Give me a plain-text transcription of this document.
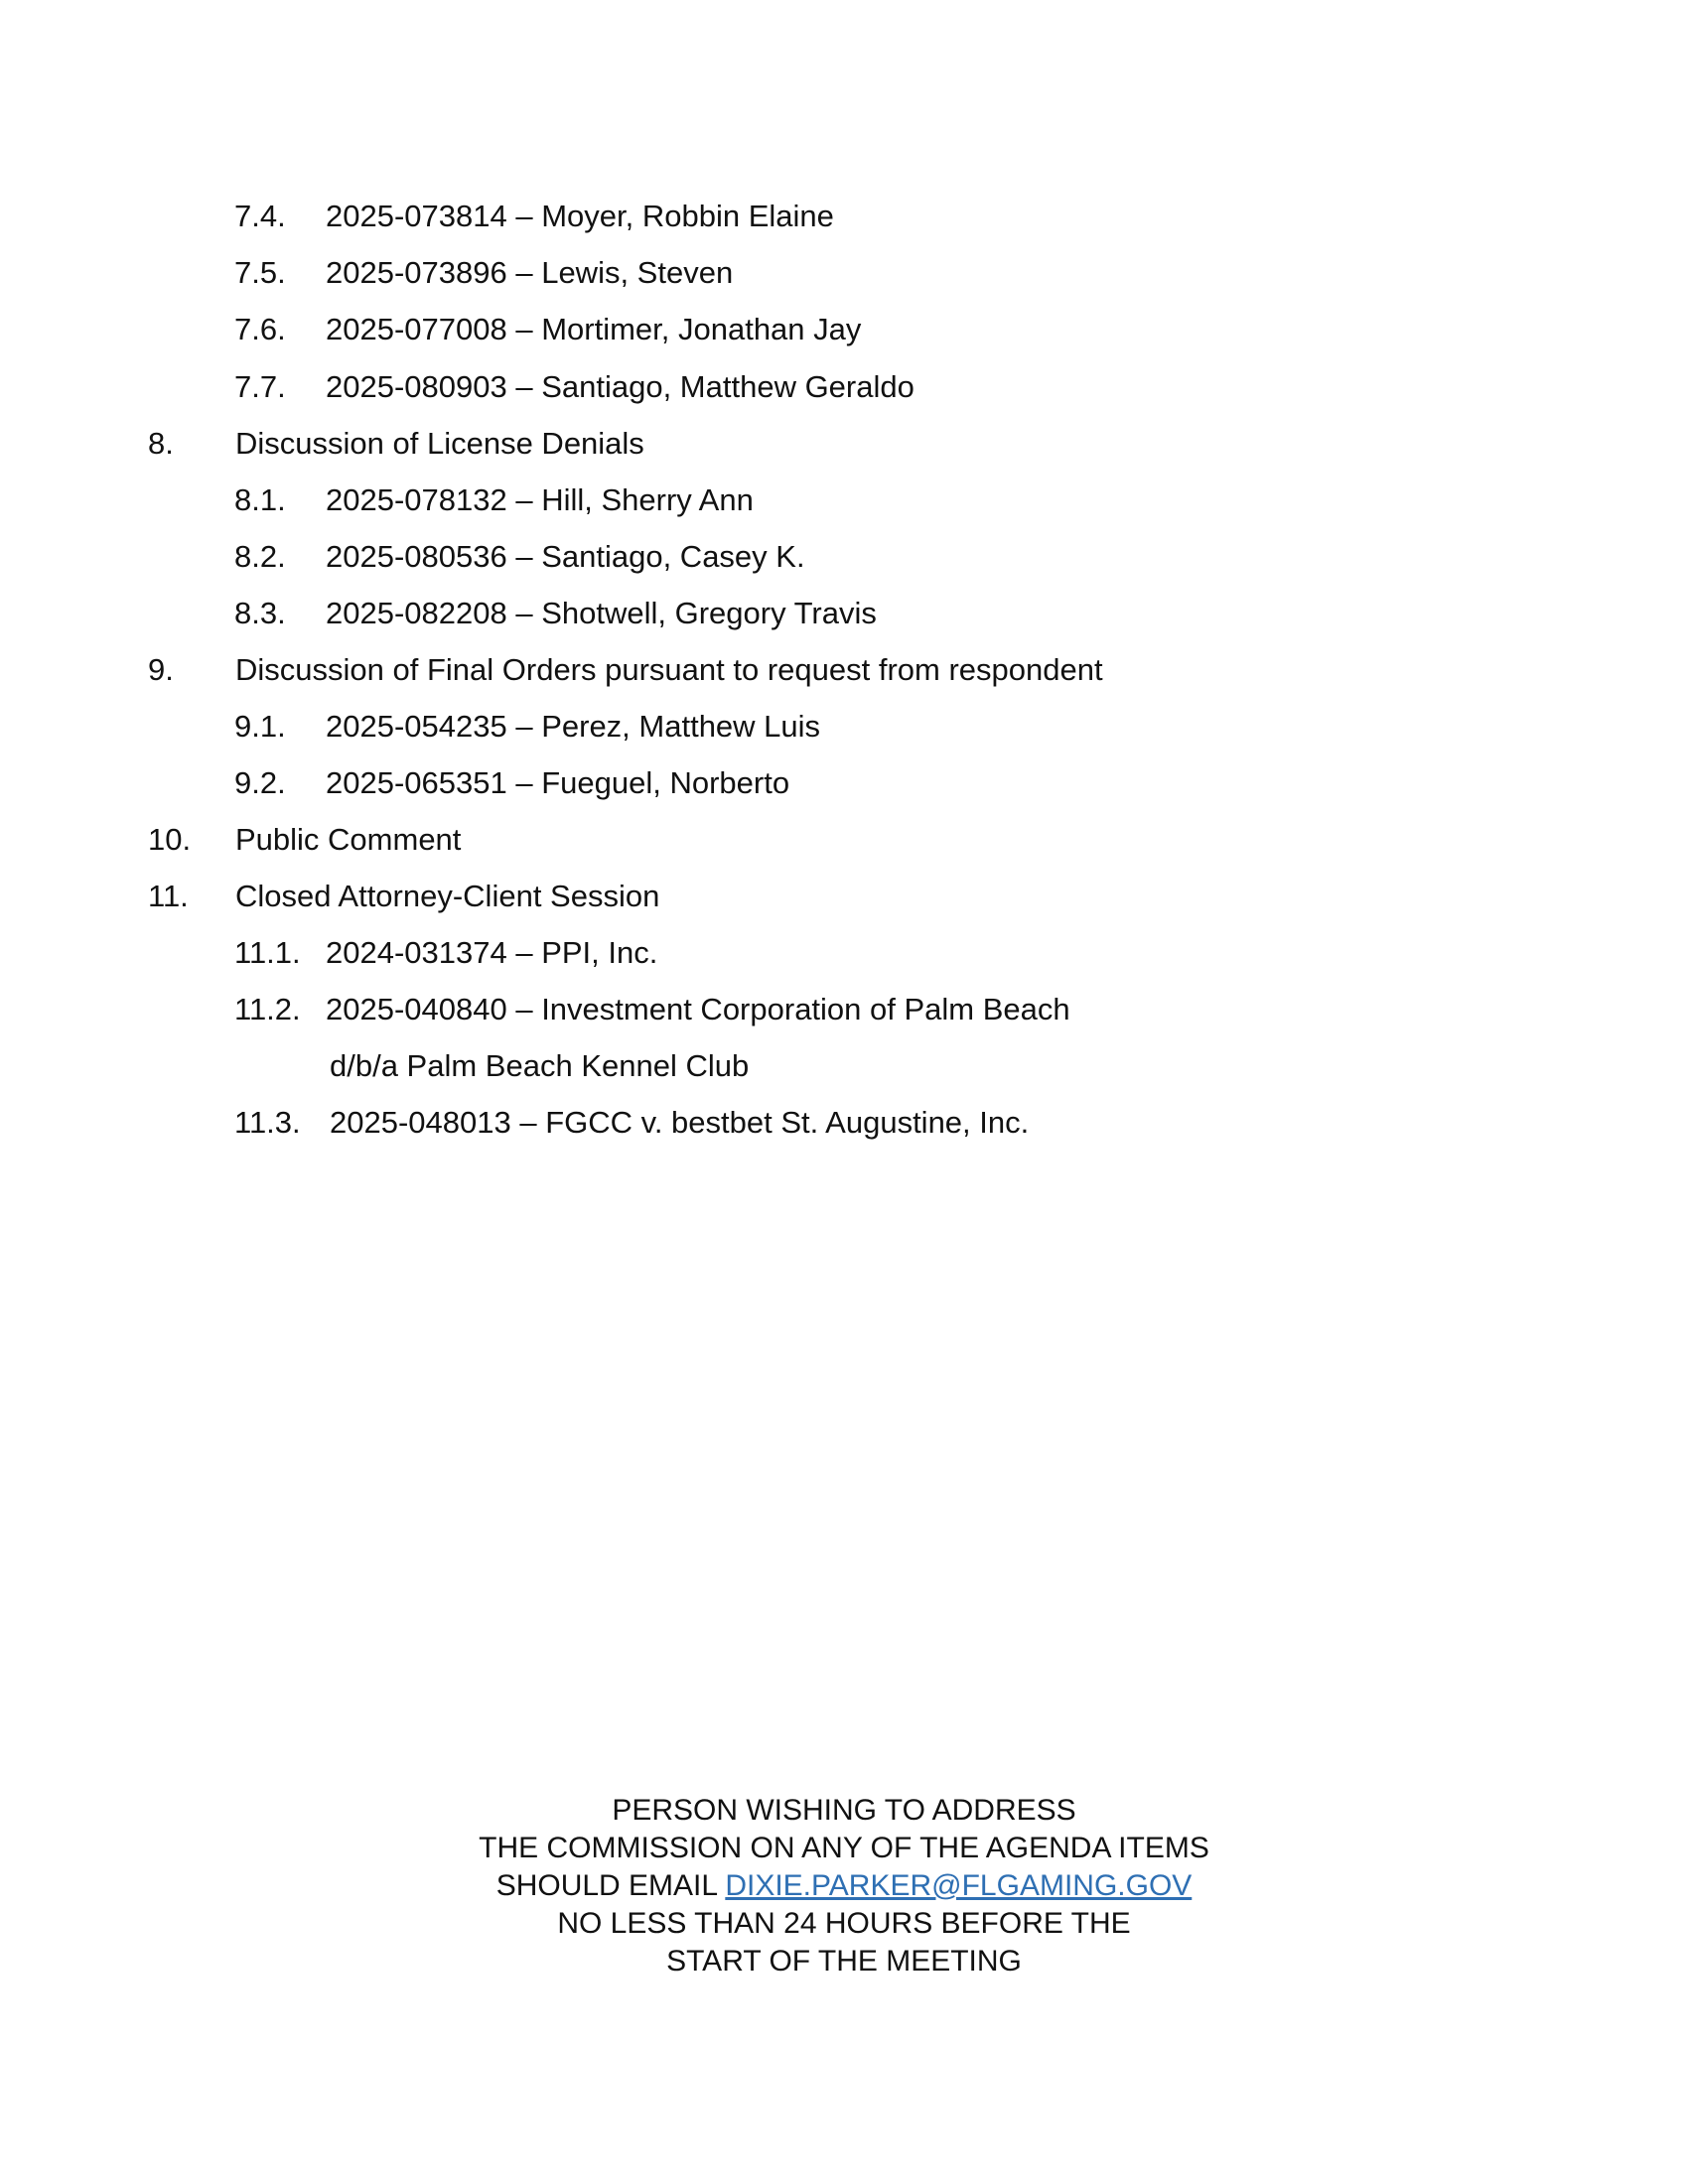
7.4. 2025-073814 – Moyer, Robbin Elaine
7.5. 2025-073896 – Lewis, Steven
7.6. 2025-077008 – Mortimer, Jonathan Jay
7.7. 2025-080903 – Santiago, Matthew Geraldo
8. Discussion of License Denials
8.1. 2025-078132 – Hill, Sherry Ann
8.2. 2025-080536 – Santiago, Casey K.
8.3. 2025-082208 – Shotwell, Gregory Travis
9. Discussion of Final Orders pursuant to request from respondent
9.1. 2025-054235 – Perez, Matthew Luis
9.2. 2025-065351 – Fueguel, Norberto
10. Public Comment
11. Closed Attorney-Client Session
11.1. 2024-031374 – PPI, Inc.
11.2. 2025-040840 – Investment Corporation of Palm Beach
d/b/a Palm Beach Kennel Club
11.3. 2025-048013 – FGCC v. bestbet St. Augustine, Inc.
PERSON WISHING TO ADDRESS
THE COMMISSION ON ANY OF THE AGENDA ITEMS
SHOULD EMAIL DIXIE.PARKER@FLGAMING.GOV
NO LESS THAN 24 HOURS BEFORE THE
START OF THE MEETING
